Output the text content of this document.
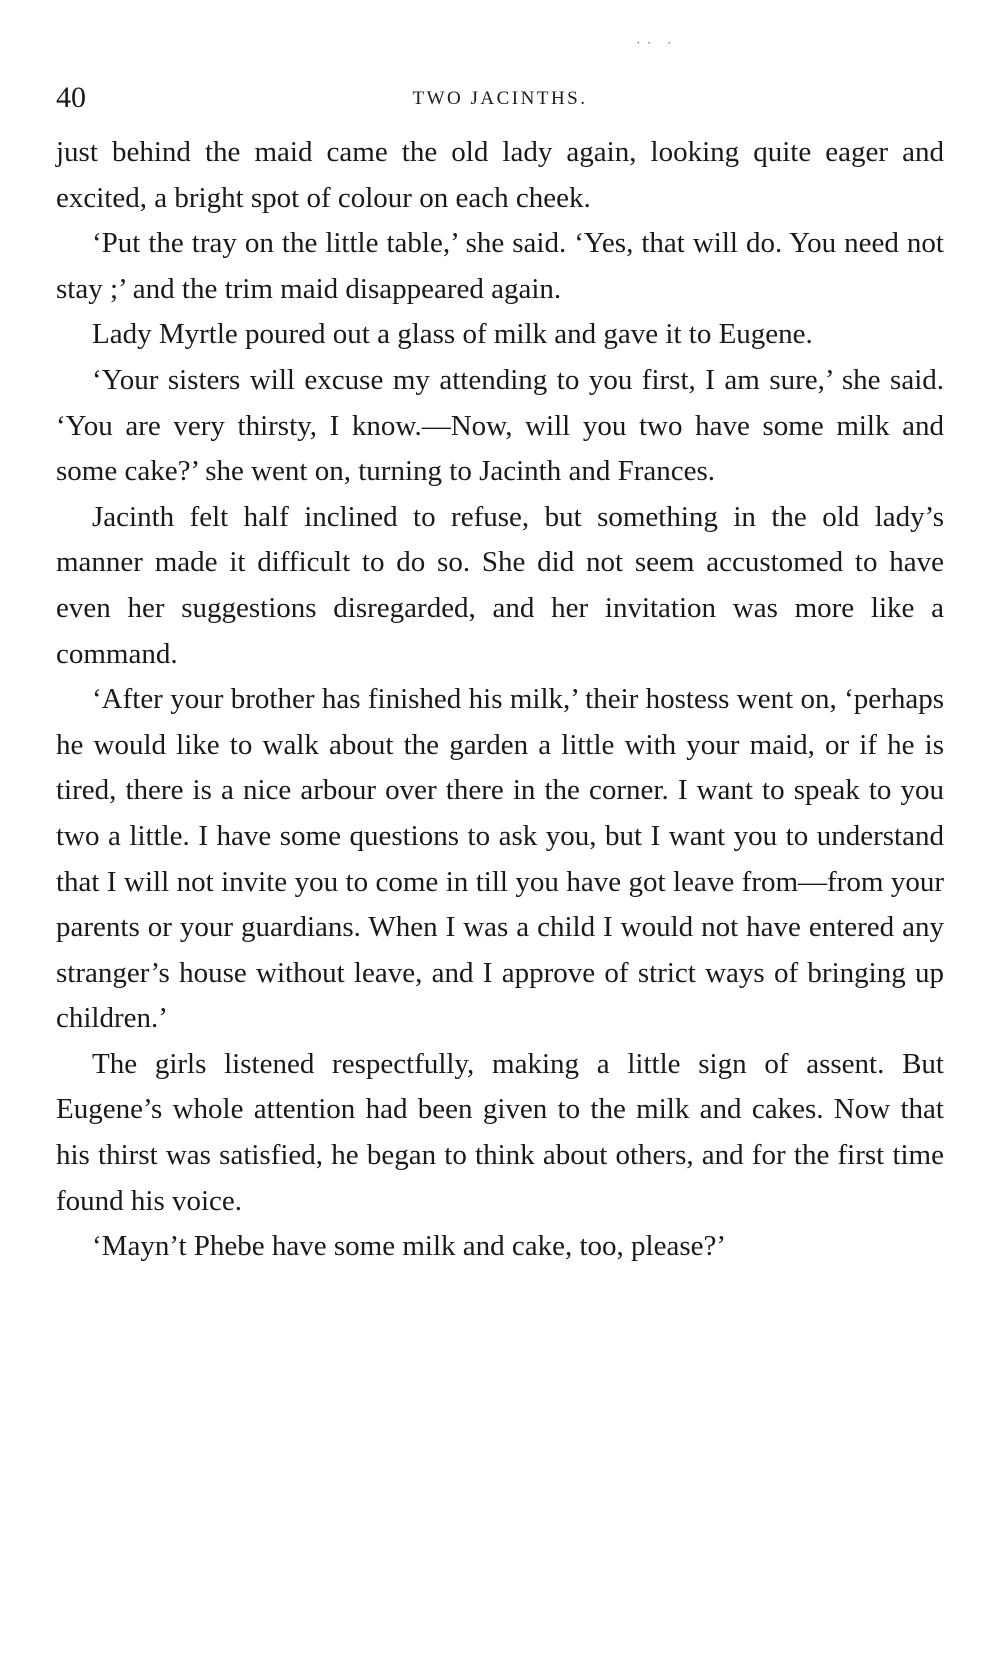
˙˙ ˙
40	TWO JACINTHS.

just behind the maid came the old lady again, looking quite eager and excited, a bright spot of colour on each cheek.

‘Put the tray on the little table,’ she said. ‘Yes, that will do. You need not stay ;’ and the trim maid disappeared again.

Lady Myrtle poured out a glass of milk and gave it to Eugene.

‘Your sisters will excuse my attending to you first, I am sure,’ she said. ‘You are very thirsty, I know.—Now, will you two have some milk and some cake?’ she went on, turning to Jacinth and Frances.

Jacinth felt half inclined to refuse, but something in the old lady’s manner made it difficult to do so. She did not seem accustomed to have even her suggestions disregarded, and her invitation was more like a command.

‘After your brother has finished his milk,’ their hostess went on, ‘perhaps he would like to walk about the garden a little with your maid, or if he is tired, there is a nice arbour over there in the corner. I want to speak to you two a little. I have some questions to ask you, but I want you to understand that I will not invite you to come in till you have got leave from—from your parents or your guardians. When I was a child I would not have entered any stranger’s house without leave, and I approve of strict ways of bringing up children.’

The girls listened respectfully, making a little sign of assent. But Eugene’s whole attention had been given to the milk and cakes. Now that his thirst was satisfied, he began to think about others, and for the first time found his voice.

‘Mayn’t Phebe have some milk and cake, too, please?’
